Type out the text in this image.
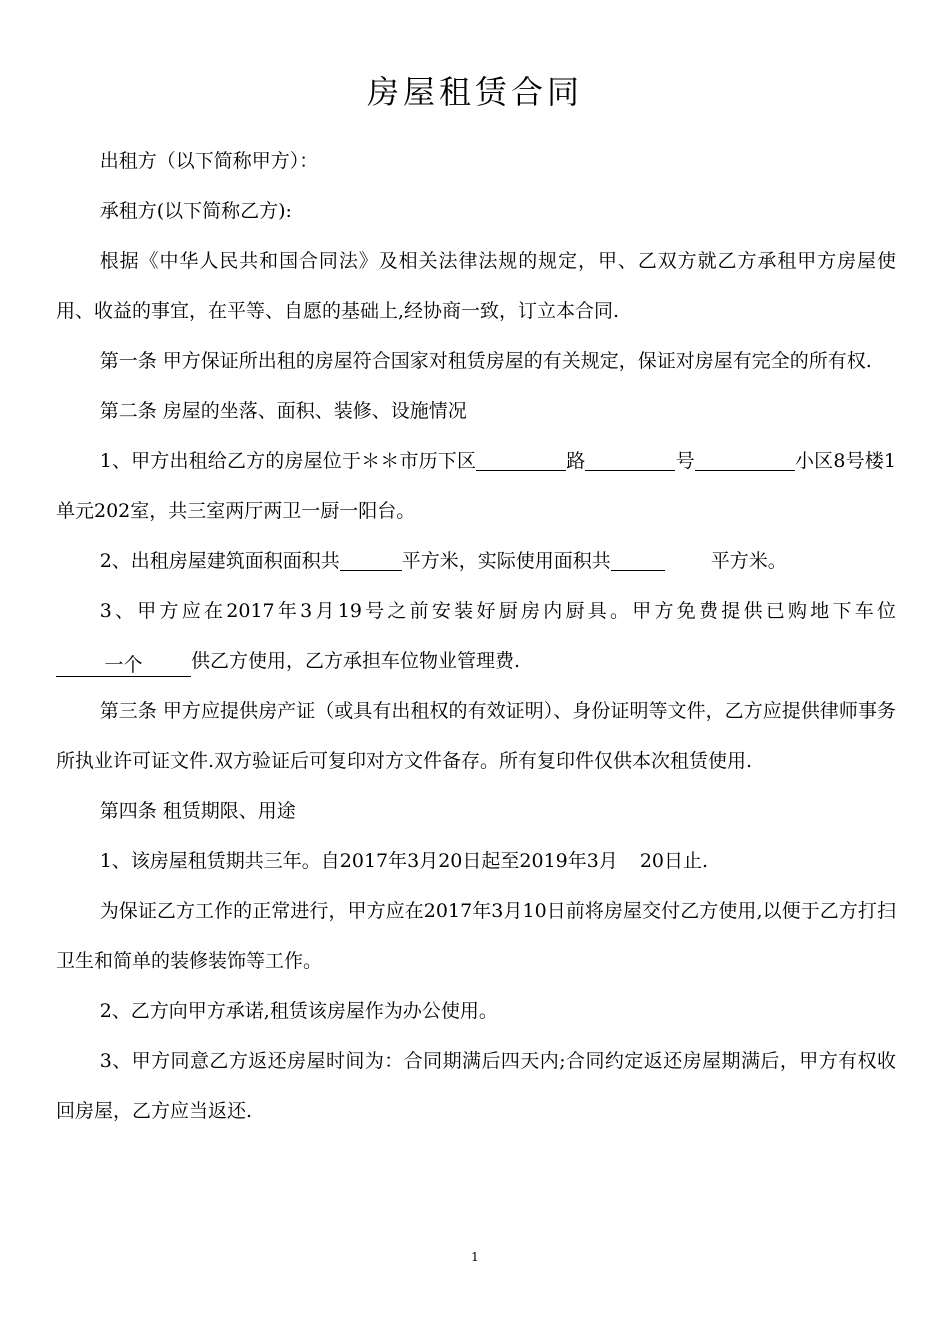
房屋租赁合同

出租方（以下简称甲方）：

承租方(以下简称乙方):

根据《中华人民共和国合同法》及相关法律法规的规定，甲、乙双方就乙方承租甲方房屋使用、收益的事宜，在平等、自愿的基础上,经协商一致，订立本合同.

第一条 甲方保证所出租的房屋符合国家对租赁房屋的有关规定，保证对房屋有完全的所有权.

第二条 房屋的坐落、面积、装修、设施情况

1、甲方出租给乙方的房屋位于＊＊市历下区	路	号	小区8号楼1单元202室，共三室两厅两卫一厨一阳台。

2、出租房屋建筑面积面积共	平方米，实际使用面积共	平方米。

3、甲方应在2017年3月19号之前安装好厨房内厨具。甲方免费提供已购地下车位一个	供乙方使用，乙方承担车位物业管理费.

第三条 甲方应提供房产证（或具有出租权的有效证明）、身份证明等文件，乙方应提供律师事务所执业许可证文件.双方验证后可复印对方文件备存。所有复印件仅供本次租赁使用.

第四条 租赁期限、用途

1、该房屋租赁期共三年。自2017年3月20日起至2019年3月 20日止.

为保证乙方工作的正常进行，甲方应在2017年3月10日前将房屋交付乙方使用,以便于乙方打扫卫生和简单的装修装饰等工作。

2、乙方向甲方承诺,租赁该房屋作为办公使用。

3、甲方同意乙方返还房屋时间为：合同期满后四天内;合同约定返还房屋期满后，甲方有权收回房屋，乙方应当返还.

1
